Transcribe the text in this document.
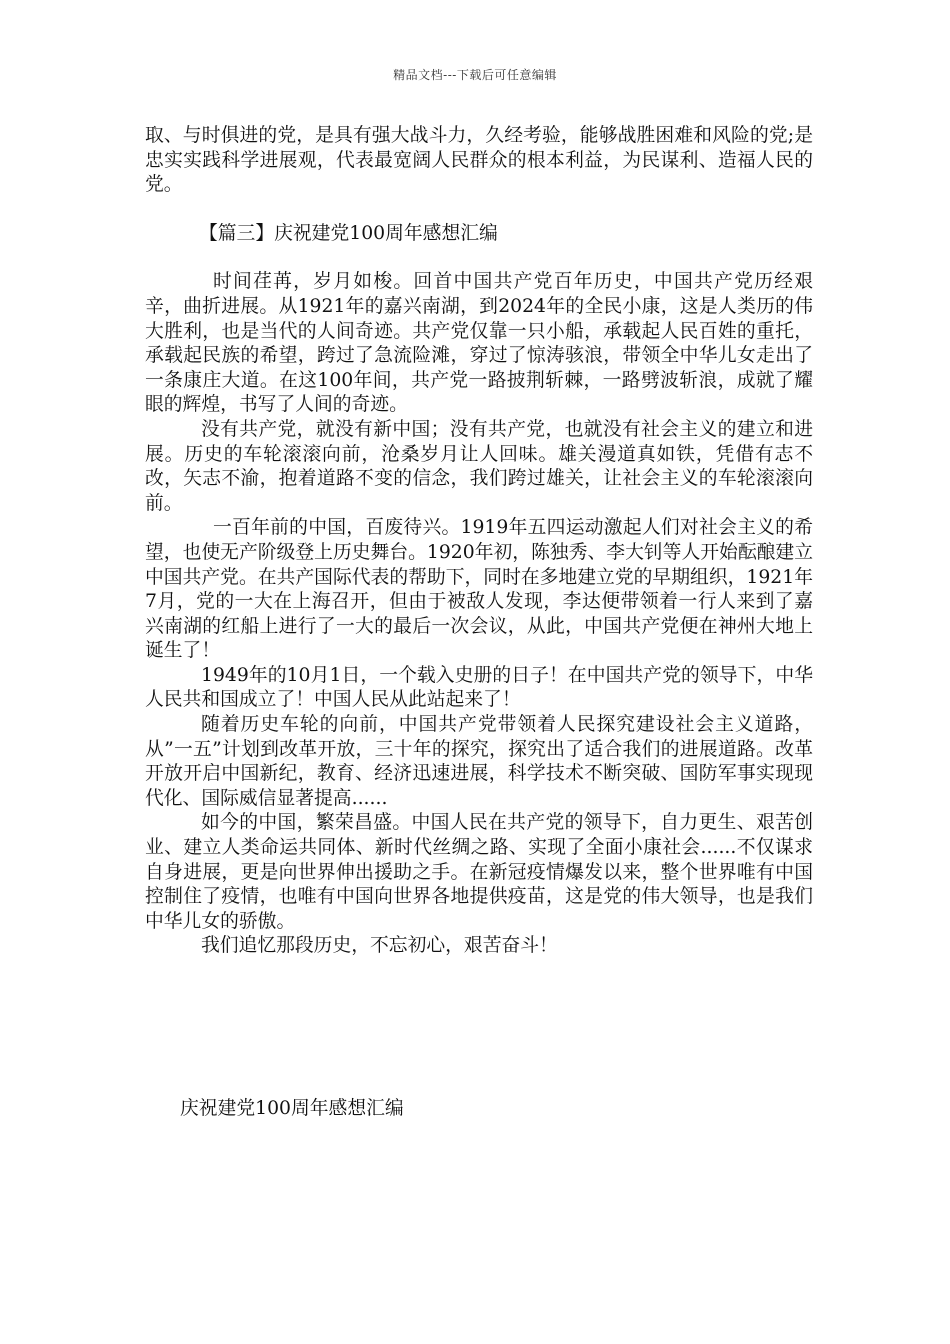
精品文档---下载后可任意编辑

取、与时俱进的党，是具有强大战斗力，久经考验，能够战胜困难和风险的党;是忠实实践科学进展观，代表最宽阔人民群众的根本利益，为民谋利、造福人民的党。

【篇三】庆祝建党100周年感想汇编

时间荏苒，岁月如梭。回首中国共产党百年历史，中国共产党历经艰辛，曲折进展。从1921年的嘉兴南湖，到2024年的全民小康，这是人类历的伟大胜利，也是当代的人间奇迹。共产党仅靠一只小船，承载起人民百姓的重托，承载起民族的希望，跨过了急流险滩，穿过了惊涛骇浪，带领全中华儿女走出了一条康庄大道。在这100年间，共产党一路披荆斩棘，一路劈波斩浪，成就了耀眼的辉煌，书写了人间的奇迹。

没有共产党，就没有新中国；没有共产党，也就没有社会主义的建立和进展。历史的车轮滚滚向前，沧桑岁月让人回味。雄关漫道真如铁，凭借有志不改，矢志不渝，抱着道路不变的信念，我们跨过雄关，让社会主义的车轮滚滚向前。

一百年前的中国，百废待兴。1919年五四运动激起人们对社会主义的希望，也使无产阶级登上历史舞台。1920年初，陈独秀、李大钊等人开始酝酿建立中国共产党。在共产国际代表的帮助下，同时在多地建立党的早期组织，1921年7月，党的一大在上海召开，但由于被敌人发现，李达便带领着一行人来到了嘉兴南湖的红船上进行了一大的最后一次会议，从此，中国共产党便在神州大地上诞生了！

1949年的10月1日，一个载入史册的日子！在中国共产党的领导下，中华人民共和国成立了！中国人民从此站起来了！

随着历史车轮的向前，中国共产党带领着人民探究建设社会主义道路，从”一五”计划到改革开放，三十年的探究，探究出了适合我们的进展道路。改革开放开启中国新纪，教育、经济迅速进展，科学技术不断突破、国防军事实现现代化、国际威信显著提高......

如今的中国，繁荣昌盛。中国人民在共产党的领导下，自力更生、艰苦创业、建立人类命运共同体、新时代丝绸之路、实现了全面小康社会......不仅谋求自身进展，更是向世界伸出援助之手。在新冠疫情爆发以来，整个世界唯有中国控制住了疫情，也唯有中国向世界各地提供疫苗，这是党的伟大领导，也是我们中华儿女的骄傲。

我们追忆那段历史，不忘初心，艰苦奋斗！

庆祝建党100周年感想汇编
